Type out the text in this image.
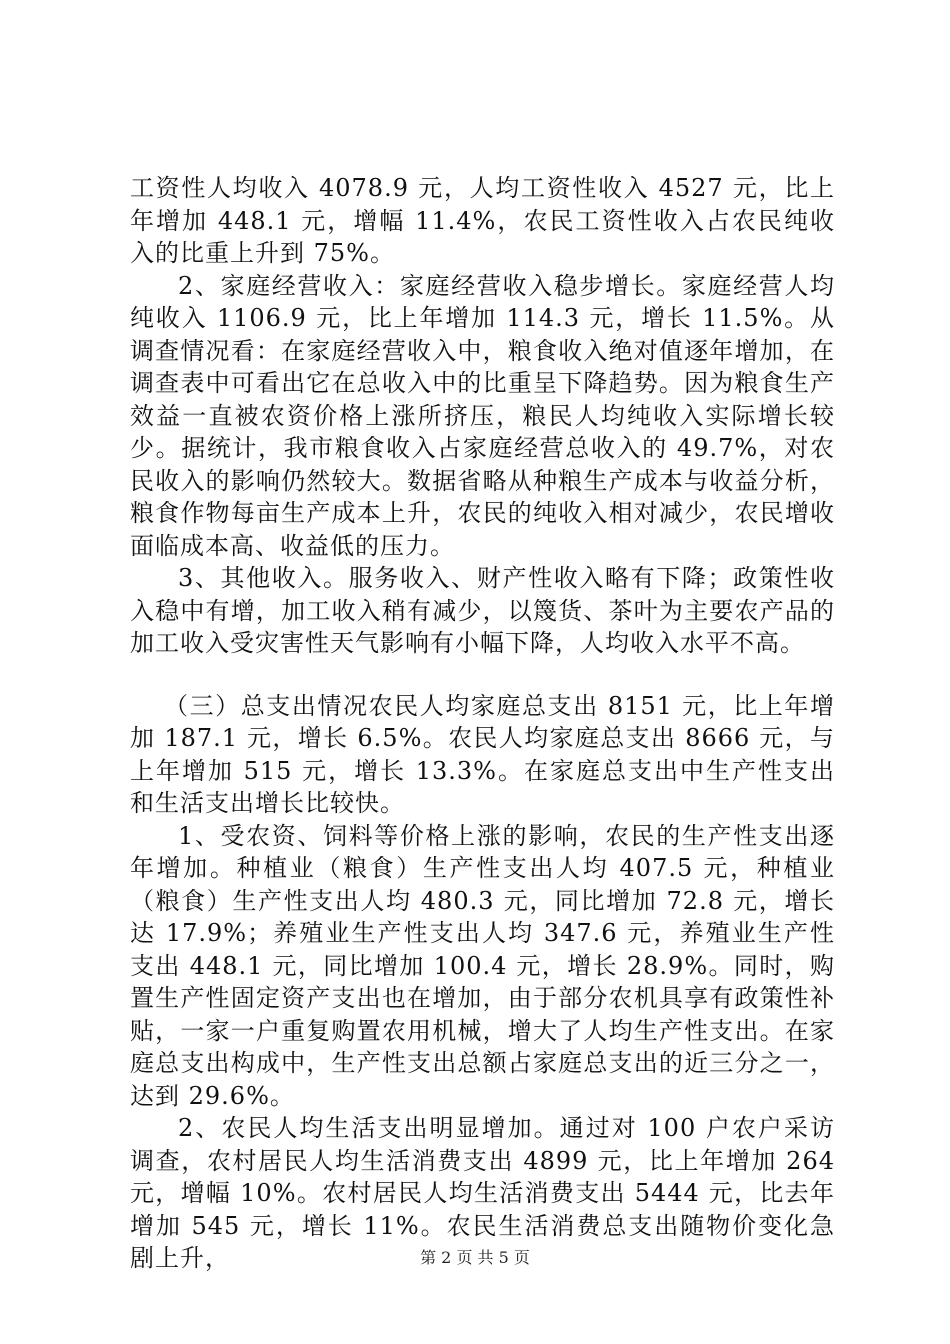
工资性人均收入 4078.9 元，人均工资性收入 4527 元，比上年增加 448.1 元，增幅 11.4%，农民工资性收入占农民纯收入的比重上升到 75%。

2、家庭经营收入：家庭经营收入稳步增长。家庭经营人均纯收入 1106.9 元，比上年增加 114.3 元，增长 11.5%。从调查情况看：在家庭经营收入中，粮食收入绝对值逐年增加，在调查表中可看出它在总收入中的比重呈下降趋势。因为粮食生产效益一直被农资价格上涨所挤压，粮民人均纯收入实际增长较少。据统计，我市粮食收入占家庭经营总收入的 49.7%，对农民收入的影响仍然较大。数据省略从种粮生产成本与收益分析，粮食作物每亩生产成本上升，农民的纯收入相对减少，农民增收面临成本高、收益低的压力。

3、其他收入。服务收入、财产性收入略有下降；政策性收入稳中有增，加工收入稍有减少，以篾货、茶叶为主要农产品的加工收入受灾害性天气影响有小幅下降，人均收入水平不高。

（三）总支出情况农民人均家庭总支出 8151 元，比上年增加 187.1 元，增长 6.5%。农民人均家庭总支出 8666 元，与上年增加 515 元，增长 13.3%。在家庭总支出中生产性支出和生活支出增长比较快。

1、受农资、饲料等价格上涨的影响，农民的生产性支出逐年增加。种植业（粮食）生产性支出人均 407.5 元，种植业（粮食）生产性支出人均 480.3 元，同比增加 72.8 元，增长达 17.9%；养殖业生产性支出人均 347.6 元，养殖业生产性支出 448.1 元，同比增加 100.4 元，增长 28.9%。同时，购置生产性固定资产支出也在增加，由于部分农机具享有政策性补贴，一家一户重复购置农用机械，增大了人均生产性支出。在家庭总支出构成中，生产性支出总额占家庭总支出的近三分之一，达到 29.6%。

2、农民人均生活支出明显增加。通过对 100 户农户采访调查，农村居民人均生活消费支出 4899 元，比上年增加 264 元，增幅 10%。农村居民人均生活消费支出 5444 元，比去年增加 545 元，增长 11%。农民生活消费总支出随物价变化急剧上升，	第 2 页 共 5 页
